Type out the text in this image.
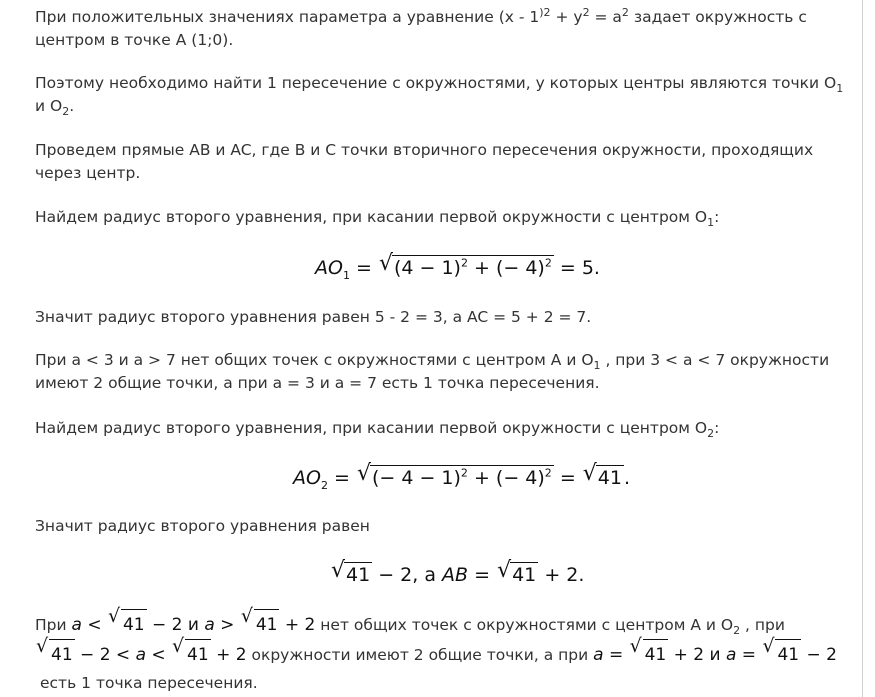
При положительных значениях параметра a уравнение ($x - 1^{)2} + y^2 = a^2$ задает окружность с центром в точке А (1;0).
Поэтому необходимо найти 1 пересечение с окружностями, у которых центры являются точки $O_1$ и $O_2$.
Проведем прямые AB и AC, где В и С точки вторичного пересечения окружности, проходящих через центр.
Найдем радиус второго уравнения, при касании первой окружности с центром $O_1$:
$AO_1$ = √ $(4 - 1)^2$ + (− 4)$^2$ = 5.
Значит радиус второго уравнения равен 5 - 2 = 3, а AC = 5 + 2 = 7.
При a < 3 и a > 7 нет общих точек с окружностями с центром А и $O_1$ , при 3 < a < 7 окружности имеют 2 общие точки, а при a = 3 и a = 7 есть 1 точка пересечения.
Найдем радиус второго уравнения, при касании первой окружности с центром $O_2$:
$AO_2$ = √ (− 4 − 1)$^2$ + (− 4)$^2$ = √ 41 .
Значит радиус второго уравнения равен
√ 41 − 2, а AB = √ 41 + 2.
При a < √ 41 − 2 и a > √ 41 + 2 нет общих точек с окружностями с центром А и $O_2$ , при

√ 41 − 2 < a < √ 41 + 2 окружности имеют 2 общие точки, а при a = √ 41 + 2 и a = √ 41 − 2
есть 1 точка пересечения.
